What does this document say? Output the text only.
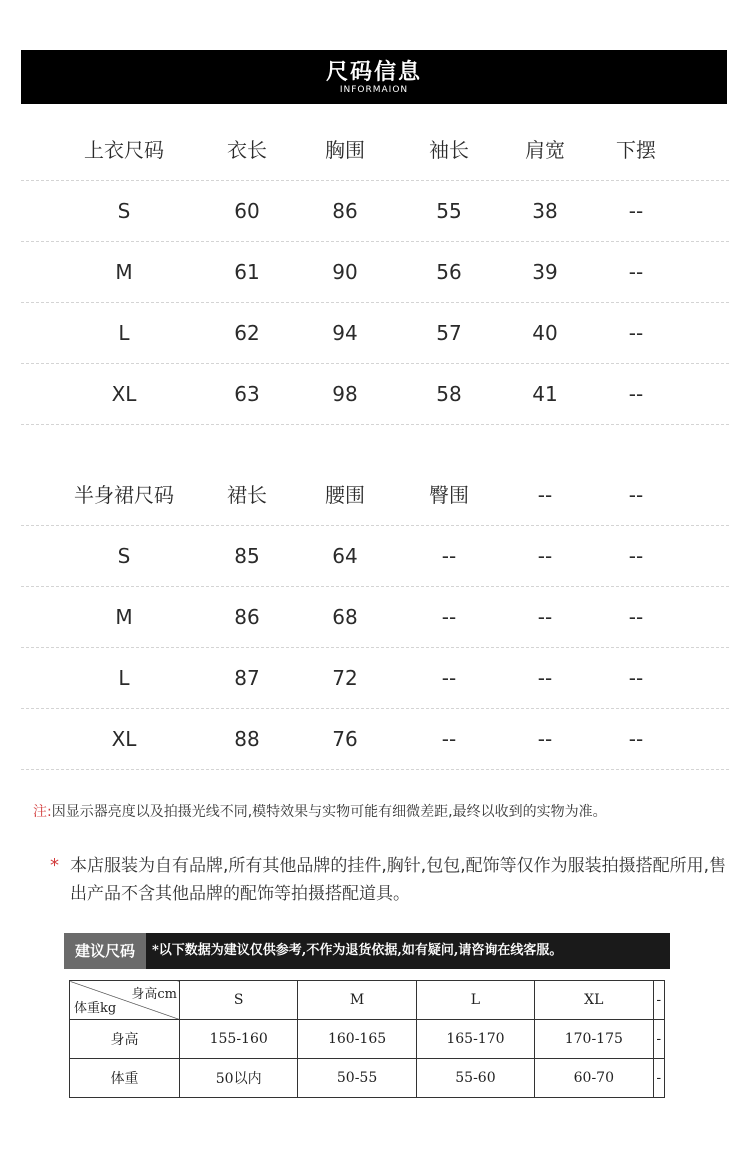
尺码信息
INFORMAION
上衣尺码	衣长	胸围	袖长	肩宽	下摆
S	60	86	55	38	--
M	61	90	56	39	--
L	62	94	57	40	--
XL	63	98	58	41	--
半身裙尺码	裙长	腰围	臀围	--	--
S	85	64	--	--	--
M	86	68	--	--	--
L	87	72	--	--	--
XL	88	76	--	--	--
注:因显示器亮度以及拍摄光线不同,模特效果与实物可能有细微差距,最终以收到的实物为准。
* 本店服装为自有品牌,所有其他品牌的挂件,胸针,包包,配饰等仅作为服装拍摄搭配所用,售出产品不含其他品牌的配饰等拍摄搭配道具。
建议尺码	*以下数据为建议仅供参考,不作为退货依据,如有疑问,请咨询在线客服。
身高cm
体重kg	S	M	L	XL	-
身高	155-160	160-165	165-170	170-175	-
体重	50以内	50-55	55-60	60-70	-
